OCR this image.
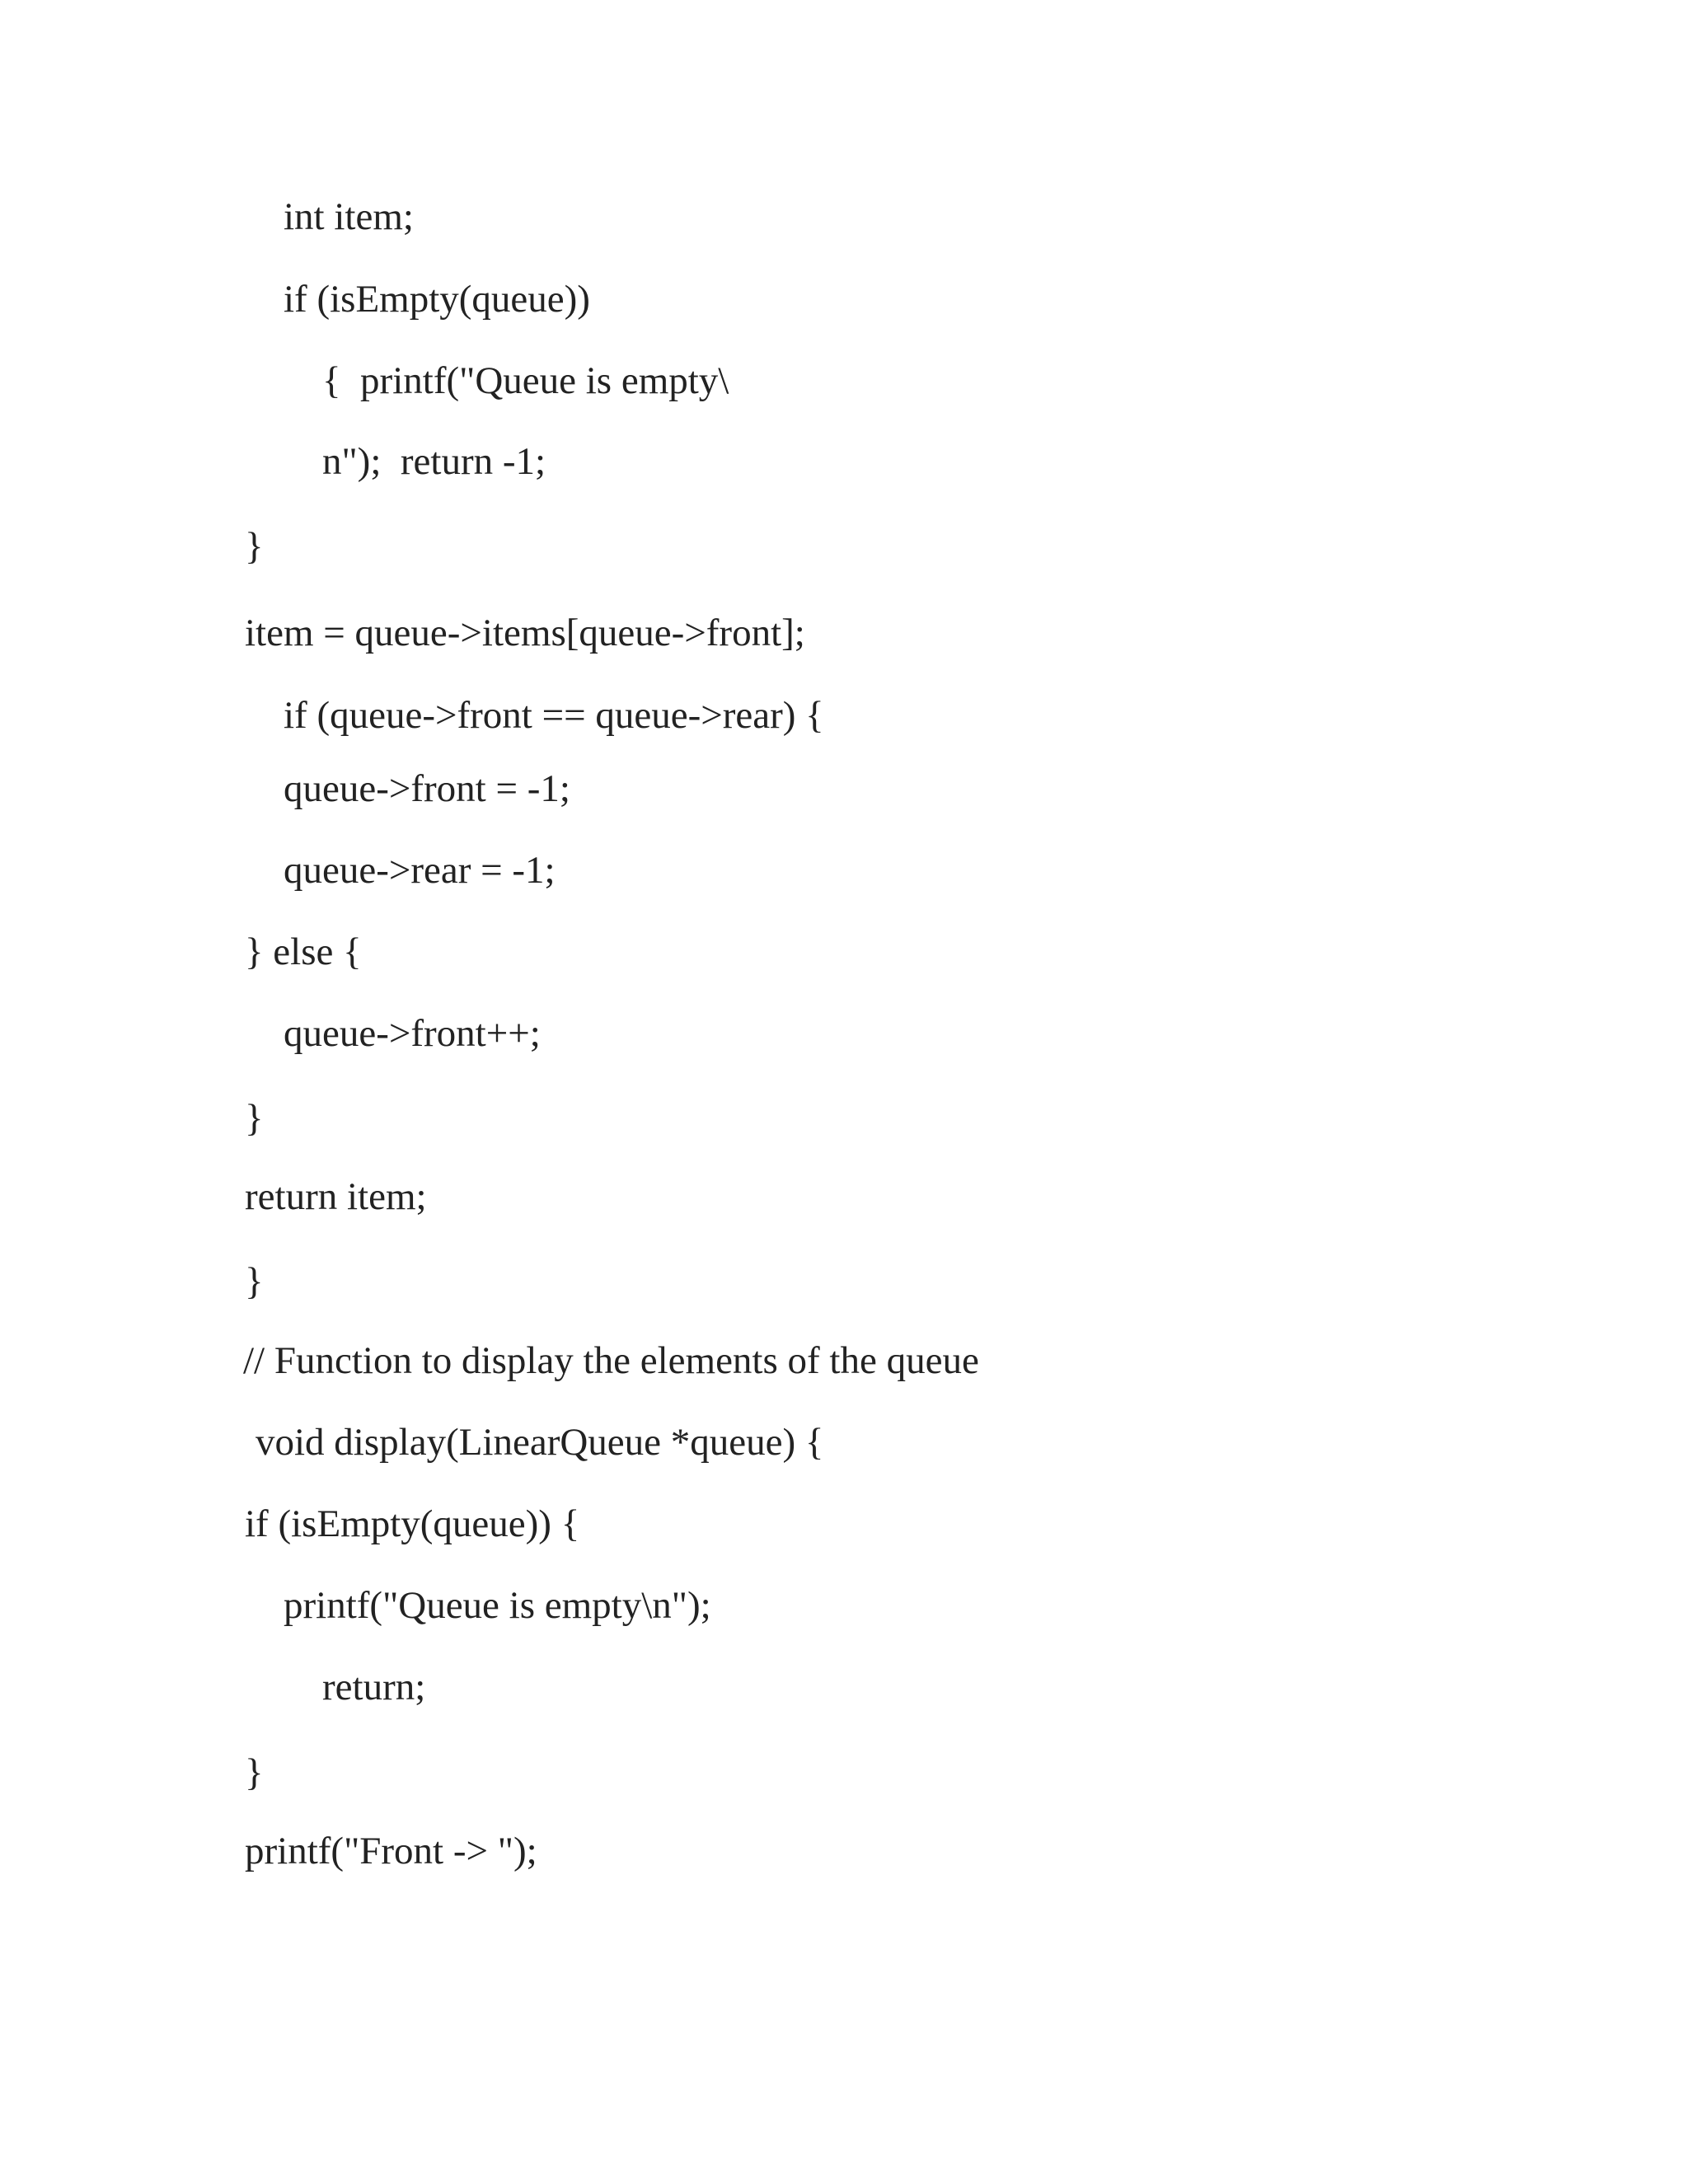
int item;

if (isEmpty(queue))

{  printf("Queue is empty\

n");  return -1;

}

item = queue->items[queue->front];

if (queue->front == queue->rear) {

queue->front = -1;

queue->rear = -1;

} else {

queue->front++;

}

return item;

}

// Function to display the elements of the queue

void display(LinearQueue *queue) {

if (isEmpty(queue)) {

printf("Queue is empty\n");

return;

}

printf("Front -> ");
